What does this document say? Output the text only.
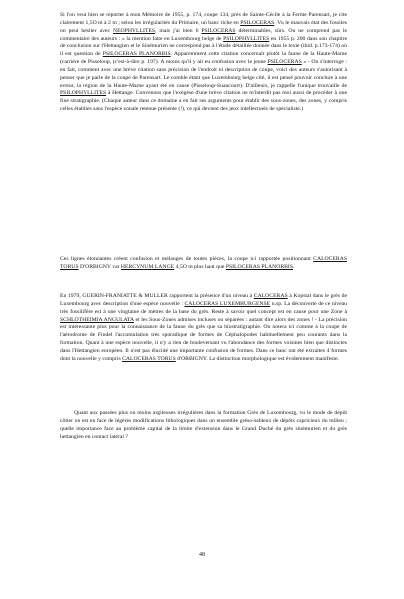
Si l'on veut bien se reporter à mon Mémoire de 1955, p. 174, coupe 134, près de Sainte-Cécile à la Ferme Parensart, je cite clairement 1,5O m à 2 m ; selon les irrégularités du Primaire, un banc riche en PSILOCERAS. Vu le mauvais état des fossiles on peut hésiter avec NEOPHYLLITES, mais j'ai bien 6 PSILOCERAS déterminables, sûrs. On ne comprend pas le commentaire des auteurs : « la mention faite en Luxembourg belge de PSILOPHYLLITES en 1955 p. 200 dans son chapitre de conclusion sur l'Hettangien et le Sinémurien ne correspond pas à l'étude détaillée donnée dans le texte (ibid. p.173-174) où il est question de PSILOCERAS PLANORBIS. Apparemment cette citation concernait plutôt la faune de la Haute-Marne (carrière de Pisseloup, (c'est-à-dire p. 197). A moins qu'il y ait eu confusion avec le jeune PSILOCERAS » - On s'interroge : en fait, comment avec une brève citation sans précision de l'endroit ni description de coupe, voici des auteurs s'autorisant à penser que je parle de la coupe de Parensart. Le comble étant que Luxembourg belge cité, il est pensé pouvoir conclure à une erreur, la région de la Haute-Marne ayant été en cause (Pisseloup-Suaucourt). D'ailleurs, je rappelle l'unique trouvaille de PSILOPHYLLITES à Hettange. Convenons que l'exégèse d'une brève citation ne m'interdit pas moi aussi de procéder à une fine stratigraphie. (Chaque auteur dans ce domaine a en fait ses arguments pour établir des sous-zones, des zones, y compris celles établies sans l'espèce zonale retenue présente (!), ce qui devient des jeux intellectuels de spécialiste.)

Ces lignes étonnantes créent confusion et mélanges de toutes pièces, la coupe ici rapportée positionnant CALOCERAS TORUS D'ORBIGNY var HERCYNUM LANGE 4,5O m plus haut que PSILOCERAS PLANORBIS.

En 1979, GUERIN-FRANIATTE & MULLER rapportent la présence d'un niveau à CALOCERAS à Kopstal dans le grès de Luxembourg avec description d'une espèce nouvelle : CALOCERAS LUXEMBURGENSE n.sp. La découverte de ce niveau très fossilifère est à une vingtaine de mètres de la base du grès. Reste à savoir quel concept est en cause pour une Zone à SCHLOTHEIMIA ANGULATA et les Sous-Zones admises incluses ou séparées : autant dire alors des zones ! - La précision est intéressante plus pour la connaissance de la faune du grès que sa biostratigraphie. On notera ici comme à la coupe de l'aérodrome de Findel l'accumulation très sporadique de formes de Céphalopodes habituellement peu courants dans la formation. Quant à une espèce nouvelle, il n'y a rien de bouleversant vu l'abondance des formes voisines bien que distinctes dans l'Hettangien européen. Il n'est pas élucidé une importante confusion de formes. Dans ce banc ont été extraites 4 formes dont la nouvelle y compris CALOCERAS TORUS d'ORBIGNY. La distinction morphologique est évidemment manifeste.

Quant aux passées plus ou moins argileuses irrégulières dans la formation Grès de Luxembourg, vu le mode de dépôt côtier on est en face de légères modifications lithologiques dans un ensemble gréso-sableux de dépôts capricieux du milieu ; quelle importance face au problème capital de la limite d'extension dans le Grand Duché du grès sinémurien et du grès hettangien en contact latéral ?

48
